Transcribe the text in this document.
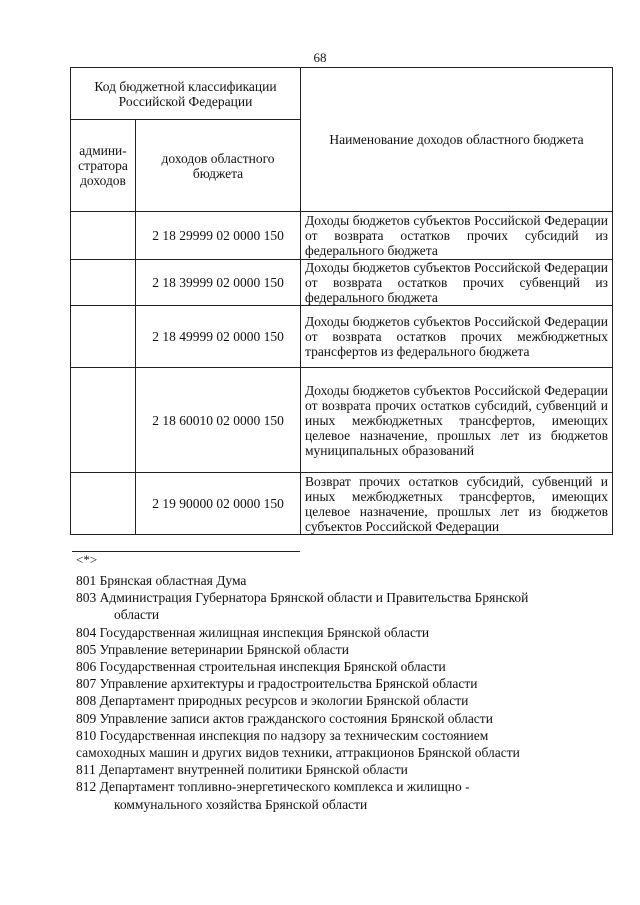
68
Код бюджетной классификации Российской Федерации		Наименование доходов областного бюджета
админи-стратора доходов	доходов областного бюджета	
	2 18 29999 02 0000 150	Доходы бюджетов субъектов Российской Федерации от возврата остатков прочих субсидий из федерального бюджета
	2 18 39999 02 0000 150	Доходы бюджетов субъектов Российской Федерации от возврата остатков прочих субвенций из федерального бюджета
	2 18 49999 02 0000 150	Доходы бюджетов субъектов Российской Федерации от возврата остатков прочих межбюджетных трансфертов из федерального бюджета
	2 18 60010 02 0000 150	Доходы бюджетов субъектов Российской Федерации от возврата прочих остатков субсидий, субвенций и иных межбюджетных трансфертов, имеющих целевое назначение, прошлых лет из бюджетов муниципальных образований
	2 19 90000 02 0000 150	Возврат прочих остатков субсидий, субвенций и иных межбюджетных трансфертов, имеющих целевое назначение, прошлых лет из бюджетов субъектов Российской Федерации
<*>
801 Брянская областная Дума
803 Администрация Губернатора Брянской области и Правительства Брянской
области
804 Государственная жилищная инспекция Брянской области
805 Управление ветеринарии Брянской области
806 Государственная строительная инспекция Брянской области
807 Управление архитектуры и градостроительства Брянской области
808 Департамент природных ресурсов и экологии Брянской области
809 Управление записи актов гражданского состояния Брянской области
810 Государственная инспекция по надзору за техническим состоянием
самоходных машин и других видов техники, аттракционов Брянской области
811 Департамент внутренней политики Брянской области
812 Департамент топливно-энергетического комплекса и жилищно -
коммунального хозяйства Брянской области
